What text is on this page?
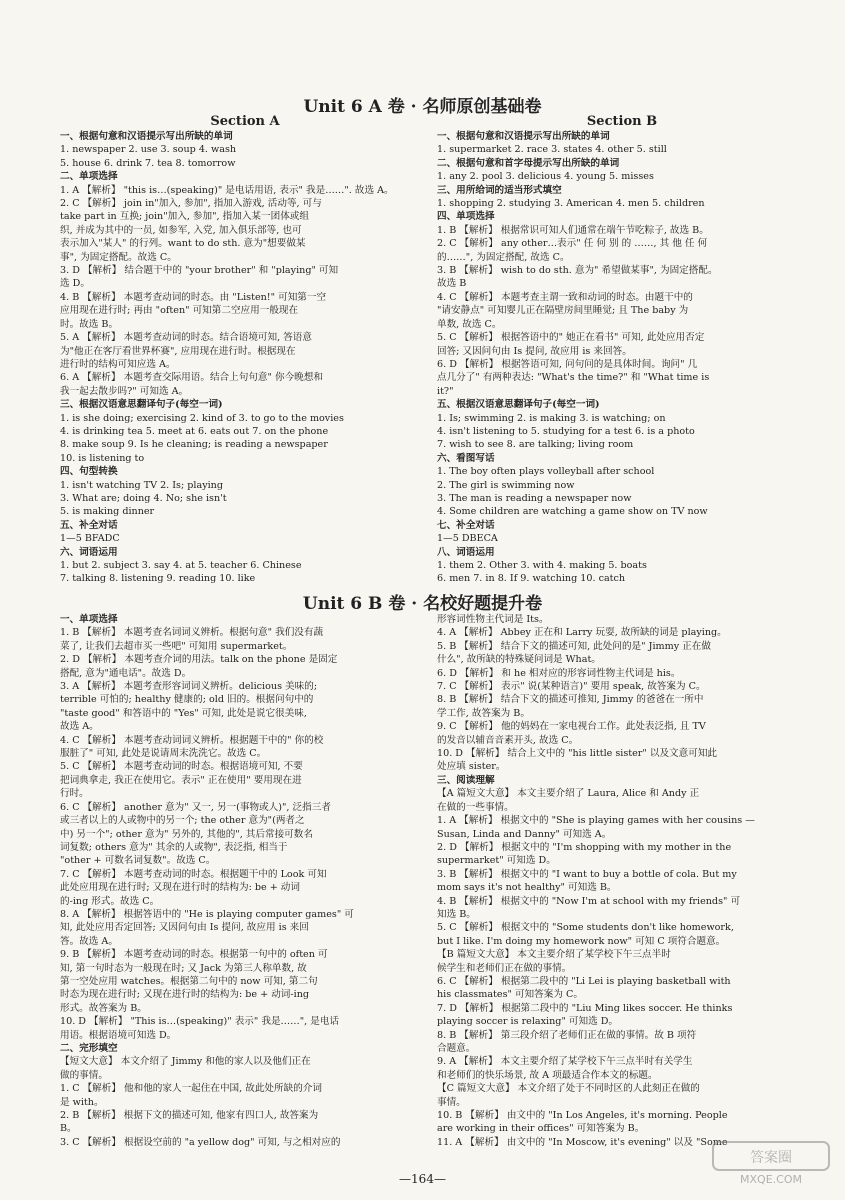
Unit 6 A 卷 · 名师原创基础卷
Section A
一、根据句意和汉语提示写出所缺的单词
1. newspaper 2. use 3. soup 4. wash
5. house 6. drink 7. tea 8. tomorrow
二、单项选择
1. A 【解析】 "this is…(speaking)" 是电话用语, 表示" 我是……". 故选 A。
2. C 【解析】 join in"加入, 参加", 指加入游戏, 活动等, 可与
take part in 互换; join"加入, 参加", 指加入某一团体或组
织, 并成为其中的一员, 如参军, 入党, 加入俱乐部等, 也可
表示加入"某人" 的行列。want to do sth. 意为"想要做某
事", 为固定搭配。故选 C。
3. D 【解析】 结合题干中的 "your brother" 和 "playing" 可知
选 D。
4. B 【解析】 本题考查动词的时态。由 "Listen!" 可知第一空
应用现在进行时; 再由 "often" 可知第二空应用一般现在
时。故选 B。
5. A 【解析】 本题考查动词的时态。结合语境可知, 答语意
为"他正在客厅看世界杯赛", 应用现在进行时。根据现在
进行时的结构可知应选 A。
6. A 【解析】 本题考查交际用语。结合上句句意" 你今晚想和
我一起去散步吗?" 可知选 A。
三、根据汉语意思翻译句子(每空一词)
1. is she doing; exercising 2. kind of 3. to go to the movies
4. is drinking tea 5. meet at 6. eats out 7. on the phone
8. make soup 9. Is he cleaning; is reading a newspaper
10. is listening to
四、句型转换
1. isn't watching TV 2. Is; playing
3. What are; doing 4. No; she isn't
5. is making dinner
五、补全对话
1—5 BFADC
六、词语运用
1. but 2. subject 3. say 4. at 5. teacher 6. Chinese
7. talking 8. listening 9. reading 10. like
Section B
一、根据句意和汉语提示写出所缺的单词
1. supermarket 2. race 3. states 4. other 5. still
二、根据句意和首字母提示写出所缺的单词
1. any 2. pool 3. delicious 4. young 5. misses
三、用所给词的适当形式填空
1. shopping 2. studying 3. American 4. men 5. children
四、单项选择
1. B 【解析】 根据常识可知人们通常在端午节吃粽子, 故选 B。
2. C 【解析】 any other…表示" 任 何 别 的 ……, 其 他 任 何
的……", 为固定搭配, 故选 C。
3. B 【解析】 wish to do sth. 意为" 希望做某事", 为固定搭配。
故选 B
4. C 【解析】 本题考查主谓一致和动词的时态。由题干中的
"请安静点" 可知婴儿正在隔壁房间里睡觉; 且 The baby 为
单数, 故选 C。
5. C 【解析】 根据答语中的" 她正在看书" 可知, 此处应用否定
回答; 又因问句由 Is 提问, 故应用 is 来回答。
6. D 【解析】 根据答语可知, 问句问的是具体时间。询问" 几
点几分了" 有两种表达: "What's the time?" 和 "What time is
it?"
五、根据汉语意思翻译句子(每空一词)
1. Is; swimming 2. is making 3. is watching; on
4. isn't listening to 5. studying for a test 6. is a photo
7. wish to see 8. are talking; living room
六、看图写话
1. The boy often plays volleyball after school
2. The girl is swimming now
3. The man is reading a newspaper now
4. Some children are watching a game show on TV now
七、补全对话
1—5 DBECA
八、词语运用
1. them 2. Other 3. with 4. making 5. boats
6. men 7. in 8. If 9. watching 10. catch
Unit 6 B 卷 · 名校好题提升卷
一、单项选择
1. B 【解析】 本题考查名词词义辨析。根据句意" 我们没有蔬
菜了, 让我们去超市买一些吧" 可知用 supermarket。
2. D 【解析】 本题考查介词的用法。talk on the phone 是固定
搭配, 意为"通电话"。故选 D。
3. A 【解析】 本题考查形容词词义辨析。delicious 美味的;
terrible 可怕的; healthy 健康的; old 旧的。根据问句中的
"taste good" 和答语中的 "Yes" 可知, 此处是说它很美味,
故选 A。
4. C 【解析】 本题考查动词词义辨析。根据题干中的" 你的校
服脏了" 可知, 此处是说请周末洗洗它。故选 C。
5. C 【解析】 本题考查动词的时态。根据语境可知, 不要
把词典拿走, 我正在使用它。表示" 正在使用" 要用现在进
行时。
6. C 【解析】 another 意为" 又一, 另一(事物或人)", 泛指三者
或三者以上的人或物中的另一个; the other 意为"(两者之
中) 另一个"; other 意为" 另外的, 其他的", 其后常接可数名
词复数; others 意为" 其余的人或物", 表泛指, 相当于
"other + 可数名词复数"。故选 C。
7. C 【解析】 本题考查动词的时态。根据题干中的 Look 可知
此处应用现在进行时; 又现在进行时的结构为: be + 动词
的-ing 形式。故选 C。
8. A 【解析】 根据答语中的 "He is playing computer games" 可
知, 此处应用否定回答; 又因问句由 Is 提问, 故应用 is 来回
答。故选 A。
9. B 【解析】 本题考查动词的时态。根据第一句中的 often 可
知, 第一句时态为一般现在时; 又 Jack 为第三人称单数, 故
第一空处应用 watches。根据第二句中的 now 可知, 第二句
时态为现在进行时; 又现在进行时的结构为: be + 动词-ing
形式。故答案为 B。
10. D 【解析】 "This is…(speaking)" 表示" 我是……", 是电话
用语。根据语境可知选 D。
二、完形填空
【短文大意】 本文介绍了 Jimmy 和他的家人以及他们正在
做的事情。
1. C 【解析】 他和他的家人一起住在中国, 故此处所缺的介词
是 with。
2. B 【解析】 根据下文的描述可知, 他家有四口人, 故答案为
B。
3. C 【解析】 根据设空前的 "a yellow dog" 可知, 与之相对应的
形容词性物主代词是 Its。
4. A 【解析】 Abbey 正在和 Larry 玩耍, 故所缺的词是 playing。
5. B 【解析】 结合下文的描述可知, 此处问的是" Jimmy 正在做
什么", 故所缺的特殊疑问词是 What。
6. D 【解析】 和 he 相对应的形容词性物主代词是 his。
7. C 【解析】 表示" 说(某种语言)" 要用 speak, 故答案为 C。
8. B 【解析】 结合下文的描述可推知, Jimmy 的爸爸在一所中
学工作, 故答案为 B。
9. C 【解析】 他的妈妈在一家电视台工作。此处表泛指, 且 TV
的发音以辅音音素开头, 故选 C。
10. D 【解析】 结合上文中的 "his little sister" 以及文意可知此
处应填 sister。
三、阅读理解
【A 篇短文大意】 本文主要介绍了 Laura, Alice 和 Andy 正
在做的一些事情。
1. A 【解析】 根据文中的 "She is playing games with her cousins —
Susan, Linda and Danny" 可知选 A。
2. D 【解析】 根据文中的 "I'm shopping with my mother in the
supermarket" 可知选 D。
3. B 【解析】 根据文中的 "I want to buy a bottle of cola. But my
mom says it's not healthy" 可知选 B。
4. B 【解析】 根据文中的 "Now I'm at school with my friends" 可
知选 B。
5. C 【解析】 根据文中的 "Some students don't like homework,
but I like. I'm doing my homework now" 可知 C 项符合题意。
【B 篇短文大意】 本文主要介绍了某学校下午三点半时
候学生和老师们正在做的事情。
6. C 【解析】 根据第二段中的 "Li Lei is playing basketball with
his classmates" 可知答案为 C。
7. D 【解析】 根据第二段中的 "Liu Ming likes soccer. He thinks
playing soccer is relaxing" 可知选 D。
8. B 【解析】 第三段介绍了老师们正在做的事情。故 B 项符
合题意。
9. A 【解析】 本文主要介绍了某学校下午三点半时有关学生
和老师们的快乐场景, 故 A 项最适合作本文的标题。
【C 篇短文大意】 本文介绍了处于不同时区的人此刻正在做的
事情。
10. B 【解析】 由文中的 "In Los Angeles, it's morning. People
are working in their offices" 可知答案为 B。
11. A 【解析】 由文中的 "In Moscow, it's evening" 以及 "Some
—164—
答案圈
MXQE.COM
